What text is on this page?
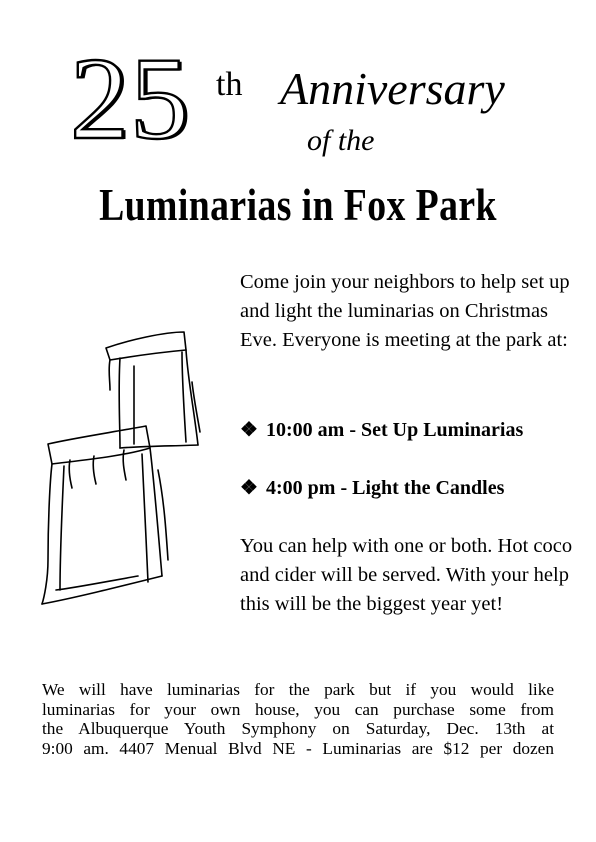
25 th Anniversary
of the
Luminarias in Fox Park
Come join your neighbors to help set up and light the luminarias on Christmas Eve. Everyone is meeting at the park at:
❖ 10:00 am - Set Up Luminarias
❖ 4:00 pm - Light the Candles
You can help with one or both. Hot coco and cider will be served. With your help this will be the biggest year yet!
We will have luminarias for the park but if you would like
luminarias for your own house, you can purchase some from
the Albuquerque Youth Symphony on Saturday, Dec. 13th at
9:00 am. 4407 Menual Blvd NE - Luminarias are $12 per dozen
